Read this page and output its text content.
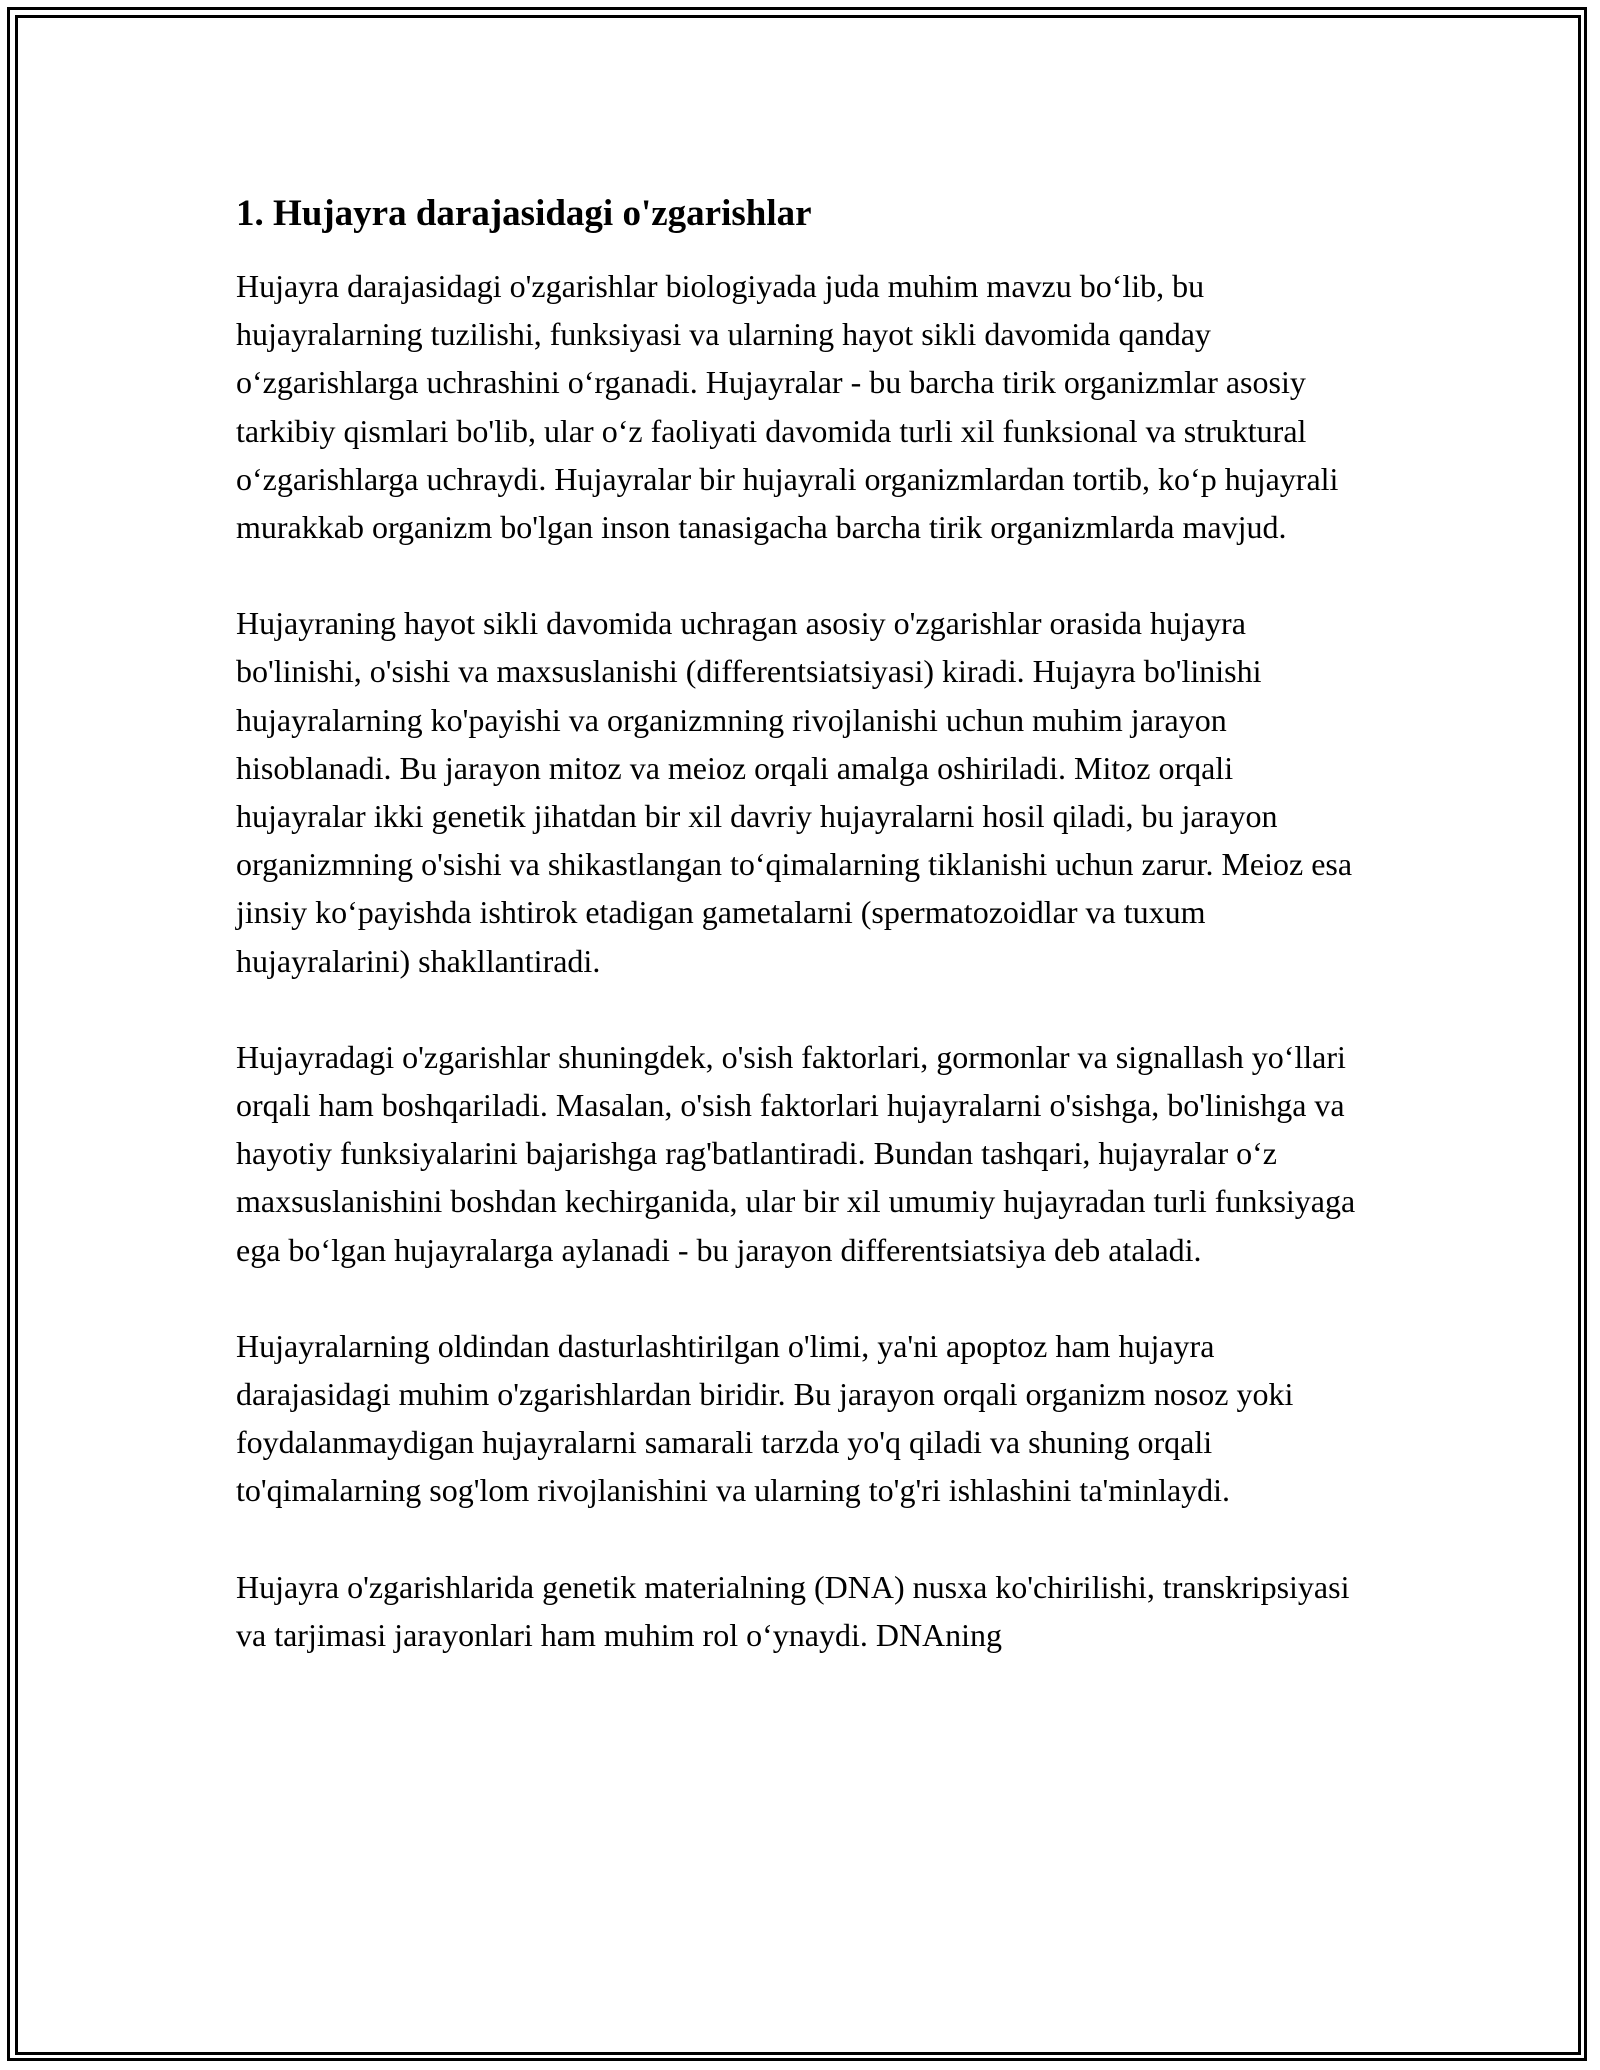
1. Hujayra darajasidagi o'zgarishlar

Hujayra darajasidagi o'zgarishlar biologiyada juda muhim mavzu bo‘lib, bu hujayralarning tuzilishi, funksiyasi va ularning hayot sikli davomida qanday o‘zgarishlarga uchrashini o‘rganadi. Hujayralar - bu barcha tirik organizmlar asosiy tarkibiy qismlari bo'lib, ular o‘z faoliyati davomida turli xil funksional va struktural o‘zgarishlarga uchraydi. Hujayralar bir hujayrali organizmlardan tortib, ko‘p hujayrali murakkab organizm bo'lgan inson tanasigacha barcha tirik organizmlarda mavjud.

Hujayraning hayot sikli davomida uchragan asosiy o'zgarishlar orasida hujayra bo'linishi, o'sishi va maxsuslanishi (differentsiatsiyasi) kiradi. Hujayra bo'linishi hujayralarning ko'payishi va organizmning rivojlanishi uchun muhim jarayon hisoblanadi. Bu jarayon mitoz va meioz orqali amalga oshiriladi. Mitoz orqali hujayralar ikki genetik jihatdan bir xil davriy hujayralarni hosil qiladi, bu jarayon organizmning o'sishi va shikastlangan to‘qimalarning tiklanishi uchun zarur. Meioz esa jinsiy ko‘payishda ishtirok etadigan gametalarni (spermatozoidlar va tuxum hujayralarini) shakllantiradi.

Hujayradagi o'zgarishlar shuningdek, o'sish faktorlari, gormonlar va signallash yo‘llari orqali ham boshqariladi. Masalan, o'sish faktorlari hujayralarni o'sishga, bo'linishga va hayotiy funksiyalarini bajarishga rag'batlantiradi. Bundan tashqari, hujayralar o‘z maxsuslanishini boshdan kechirganida, ular bir xil umumiy hujayradan turli funksiyaga ega bo‘lgan hujayralarga aylanadi - bu jarayon differentsiatsiya deb ataladi.

Hujayralarning oldindan dasturlashtirilgan o'limi, ya'ni apoptoz ham hujayra darajasidagi muhim o'zgarishlardan biridir. Bu jarayon orqali organizm nosoz yoki foydalanmaydigan hujayralarni samarali tarzda yo'q qiladi va shuning orqali to'qimalarning sog'lom rivojlanishini va ularning to'g'ri ishlashini ta'minlaydi.

Hujayra o'zgarishlarida genetik materialning (DNA) nusxa ko'chirilishi, transkripsiyasi va tarjimasi jarayonlari ham muhim rol o‘ynaydi. DNAning
